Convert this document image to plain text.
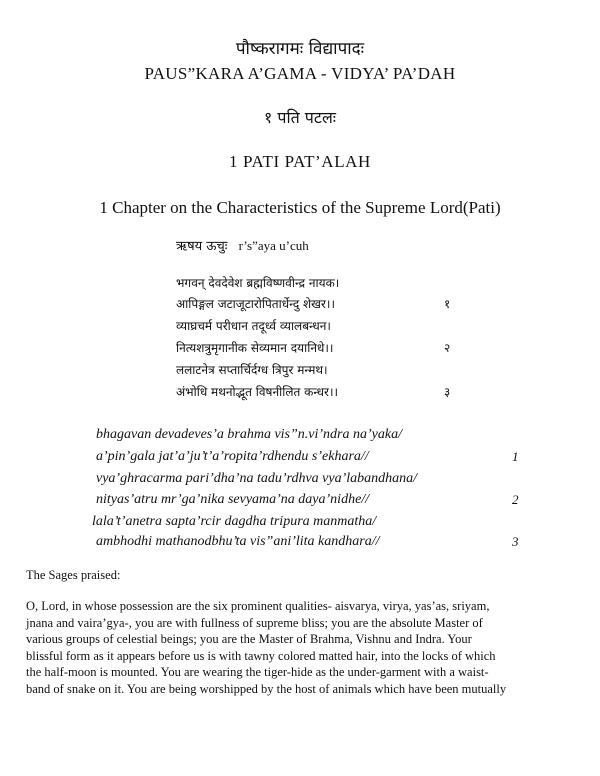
पौष्करागमः विद्यापादः
PAUS”KARA A’GAMA - VIDYA’ PA’DAH
१ पति पटलः
1 PATI PAT’ALAH
1 Chapter on the Characteristics of the Supreme Lord(Pati)
ऋषय ऊचुः r’s”aya u’cuh
भगवन् देवदेवेश ब्रह्मविष्णवीन्द्र नायक।
आपिङ्गल जटाजूटारोपितार्धेन्दु शेखर।।	१
व्याघ्रचर्म परीधान तदूर्ध्व व्यालबन्धन।
नित्यशत्रुमृगानीक सेव्यमान दयानिधे।।	२
ललाटनेत्र सप्तार्चिर्दग्ध त्रिपुर मन्मथ।
अंभोधि मथनोद्भूत विषनीलित कन्धर।।	३
bhagavan devadeves’a brahma vis”n.vi’ndra na’yaka/
a’pin’gala jat’a’ju’t’a’ropita’rdhendu s’ekhara//	1
vya’ghracarma pari’dha’na tadu’rdhva vya’labandhana/
nityas’atru mr’ga’nika sevyama’na daya’nidhe//	2
lala’t’anetra sapta’rcir dagdha tripura manmatha/
ambhodhi mathanodbhu’ta vis”ani’lita kandhara//	3
The Sages praised:
O, Lord, in whose possession are the six prominent qualities- aisvarya, virya, yas’as, sriyam,
jnana and vaira’gya-, you are with fullness of supreme bliss; you are the absolute Master of
various groups of celestial beings; you are the Master of Brahma, Vishnu and Indra. Your
blissful form as it appears before us is with tawny colored matted hair, into the locks of which
the half-moon is mounted. You are wearing the tiger-hide as the under-garment with a waist-
band of snake on it. You are being worshipped by the host of animals which have been mutually
